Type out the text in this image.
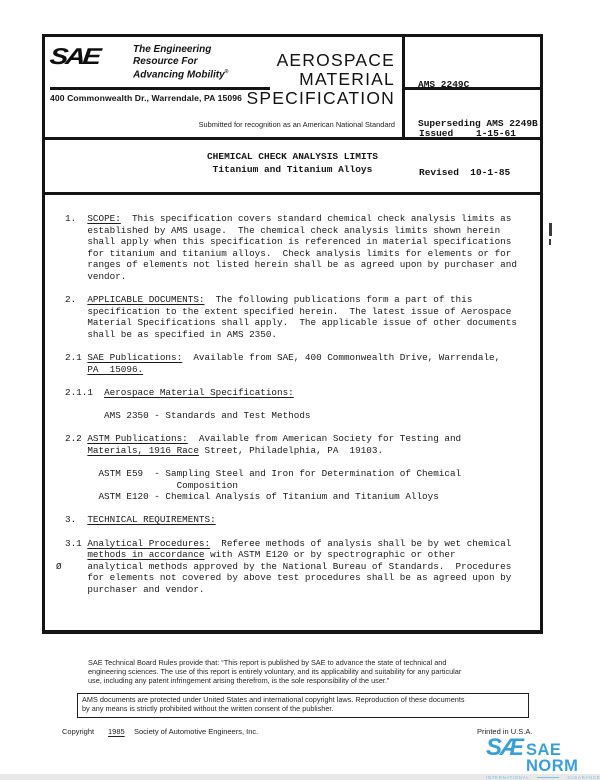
SAE	The Engineering
Resource For
Advancing Mobility®
400 Commonwealth Dr., Warrendale, PA 15096
AEROSPACE
MATERIAL
SPECIFICATION
Submitted for recognition as an American National Standard

AMS 2249C

Superseding AMS 2249B

Issued    1-15-61

Revised  10-1-85

CHEMICAL CHECK ANALYSIS LIMITS
Titanium and Titanium Alloys
1.  SCOPE:  This specification covers standard chemical check analysis limits as
established by AMS usage.  The chemical check analysis limits shown herein
shall apply when this specification is referenced in material specifications
for titanium and titanium alloys.  Check analysis limits for elements or for
ranges of elements not listed herein shall be as agreed upon by purchaser and
vendor.

2.  APPLICABLE DOCUMENTS:  The following publications form a part of this
specification to the extent specified herein.  The latest issue of Aerospace
Material Specifications shall apply.  The applicable issue of other documents
shall be as specified in AMS 2350.

2.1 SAE Publications:  Available from SAE, 400 Commonwealth Drive, Warrendale,
PA  15096.

2.1.1  Aerospace Material Specifications:

AMS 2350 - Standards and Test Methods

2.2 ASTM Publications:  Available from American Society for Testing and
Materials, 1916 Race Street, Philadelphia, PA  19103.

ASTM E59  - Sampling Steel and Iron for Determination of Chemical
Composition
ASTM E120 - Chemical Analysis of Titanium and Titanium Alloys

3.  TECHNICAL REQUIREMENTS:

3.1 Analytical Procedures:  Referee methods of analysis shall be by wet chemical
methods in accordance with ASTM E120 or by spectrographic or other
analytical methods approved by the National Bureau of Standards.  Procedures
for elements not covered by above test procedures shall be as agreed upon by
purchaser and vendor.
Ø
SAE Technical Board Rules provide that: “This report is published by SAE to advance the state of technical and
engineering sciences. The use of this report is entirely voluntary, and its applicability and suitability for any particular
use, including any patent infringement arising therefrom, is the sole responsibility of the user.”
AMS documents are protected under United States and international copyright laws. Reproduction of these documents
by any means is strictly prohibited without the written consent of the publisher.
Copyright 1985 Society of Automotive Engineers, Inc.	Printed in U.S.A.
SÆ SAE NORM
INTERNATIONAL	CLEARANCE
